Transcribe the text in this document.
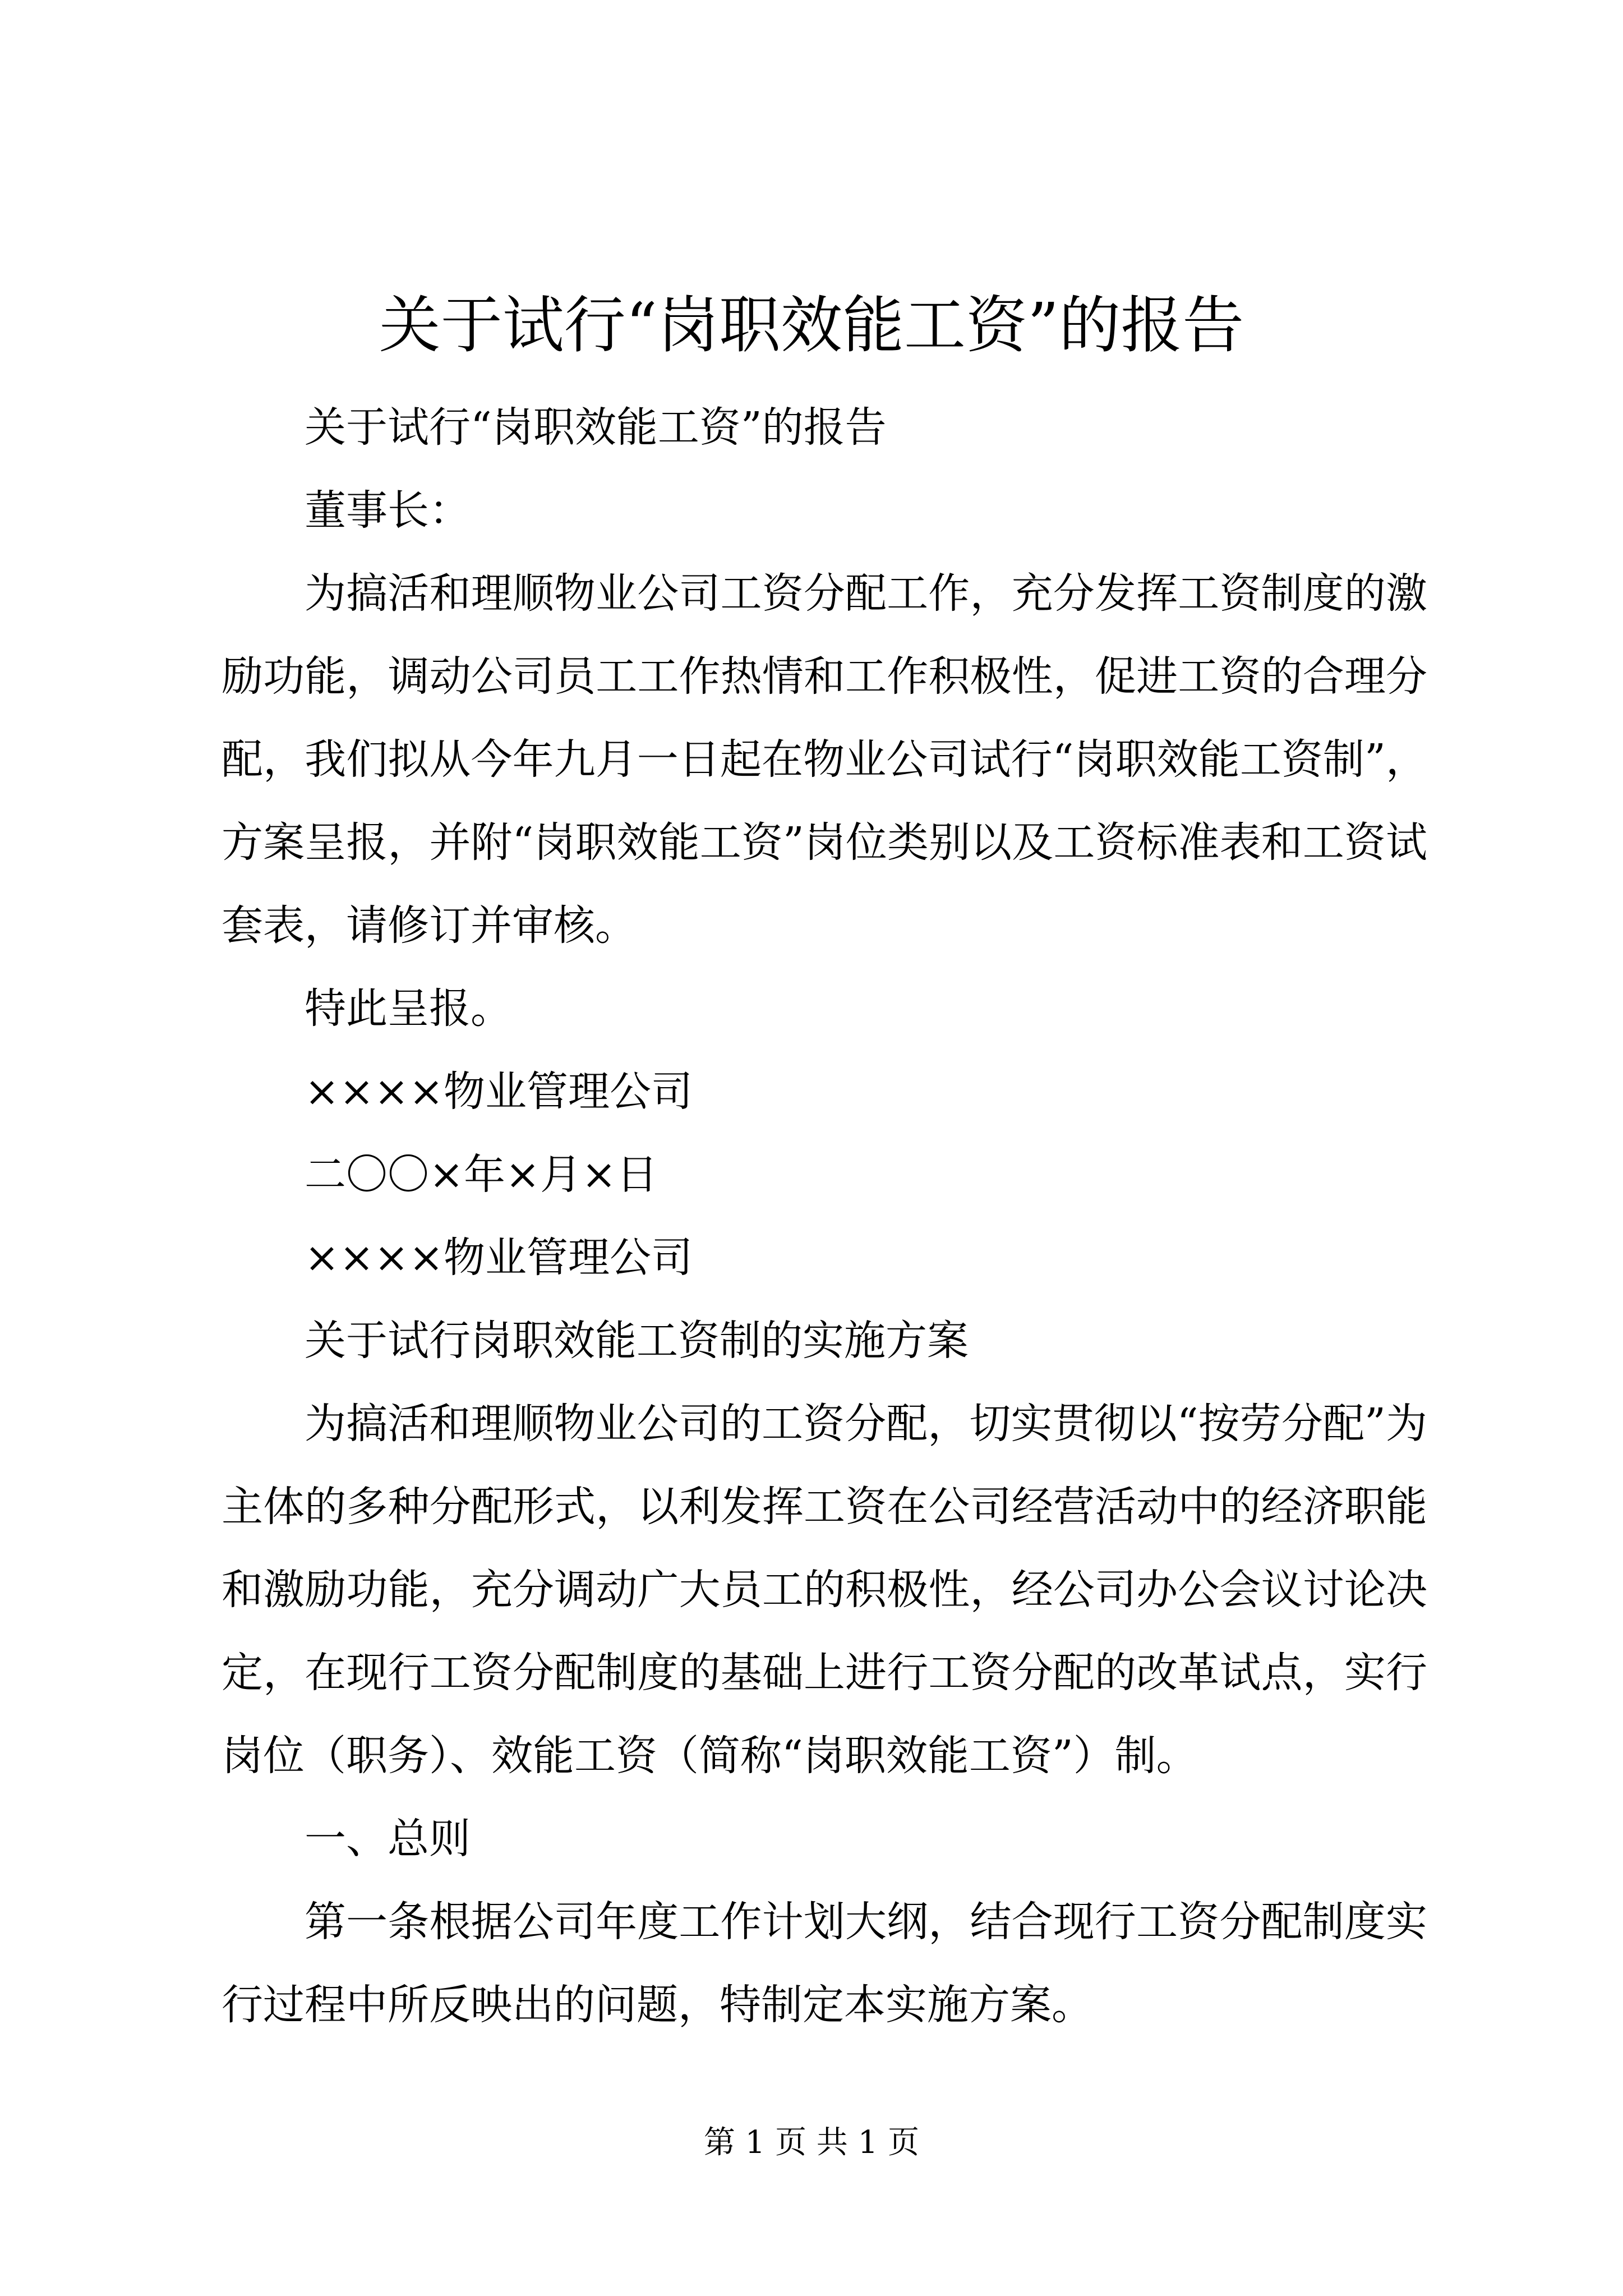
关于试行“岗职效能工资”的报告

关于试行“岗职效能工资”的报告

董事长：

为搞活和理顺物业公司工资分配工作，充分发挥工资制度的激励功能，调动公司员工工作热情和工作积极性，促进工资的合理分配，我们拟从今年九月一日起在物业公司试行“岗职效能工资制”，方案呈报，并附“岗职效能工资”岗位类别以及工资标准表和工资试套表，请修订并审核。

特此呈报。

××××物业管理公司

二〇〇×年×月×日

××××物业管理公司

关于试行岗职效能工资制的实施方案

为搞活和理顺物业公司的工资分配，切实贯彻以“按劳分配”为主体的多种分配形式，以利发挥工资在公司经营活动中的经济职能和激励功能，充分调动广大员工的积极性，经公司办公会议讨论决定，在现行工资分配制度的基础上进行工资分配的改革试点，实行岗位（职务）、效能工资（简称“岗职效能工资”）制。

一、总则

第一条根据公司年度工作计划大纲，结合现行工资分配制度实行过程中所反映出的问题，特制定本实施方案。

第 1 页 共 1 页
